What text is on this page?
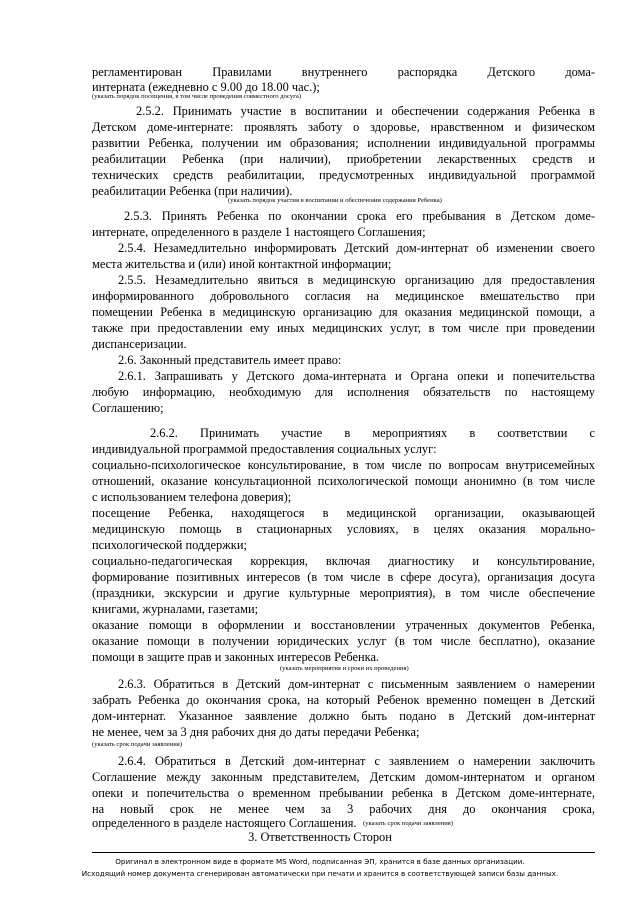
регламентирован Правилами внутреннего распорядка Детского дома-
интерната (ежедневно с 9.00 до 18.00 час.);
(указать порядок посещения, в том числе проведения совместного досуга)
2.5.2. Принимать участие в воспитании и обеспечении содержания Ребенка в
Детском доме-интернате: проявлять заботу о здоровье, нравственном и физическом
развитии Ребенка, получении им образования; исполнении индивидуальной программы
реабилитации Ребенка (при наличии), приобретении лекарственных средств и
технических средств реабилитации, предусмотренных индивидуальной программой
реабилитации Ребенка (при наличии).
(указать порядок участия в воспитании и обеспечении содержания Ребенка)
2.5.3. Принять Ребенка по окончании срока его пребывания в Детском доме-
интернате, определенного в разделе 1 настоящего Соглашения;
2.5.4. Незамедлительно информировать Детский дом-интернат об изменении своего
места жительства и (или) иной контактной информации;
2.5.5. Незамедлительно явиться в медицинскую организацию для предоставления
информированного добровольного согласия на медицинское вмешательство при
помещении Ребенка в медицинскую организацию для оказания медицинской помощи, а
также при предоставлении ему иных медицинских услуг, в том числе при проведении
диспансеризации.
2.6. Законный представитель имеет право:
2.6.1. Запрашивать у Детского дома-интерната и Органа опеки и попечительства
любую информацию, необходимую для исполнения обязательств по настоящему
Соглашению;
2.6.2. Принимать участие в мероприятиях в соответствии с
индивидуальной программой предоставления социальных услуг:
социально-психологическое консультирование, в том числе по вопросам внутрисемейных
отношений, оказание консультационной психологической помощи анонимно (в том числе
с использованием телефона доверия);
посещение Ребенка, находящегося в медицинской организации, оказывающей
медицинскую помощь в стационарных условиях, в целях оказания морально-
психологической поддержки;
социально-педагогическая коррекция, включая диагностику и консультирование,
формирование позитивных интересов (в том числе в сфере досуга), организация досуга
(праздники, экскурсии и другие культурные мероприятия), в том числе обеспечение
книгами, журналами, газетами;
оказание помощи в оформлении и восстановлении утраченных документов Ребенка,
оказание помощи в получении юридических услуг (в том числе бесплатно), оказание
помощи в защите прав и законных интересов Ребенка.
(указать мероприятия и сроки их проведения)
2.6.3. Обратиться в Детский дом-интернат с письменным заявлением о намерении
забрать Ребенка до окончания срока, на который Ребенок временно помещен в Детский
дом-интернат. Указанное заявление должно быть подано в Детский дом-интернат
не менее, чем за 3 дня рабочих дня до даты передачи Ребенка;
(указать срок подачи заявления)
2.6.4. Обратиться в Детский дом-интернат с заявлением о намерении заключить
Соглашение между законным представителем, Детским домом-интернатом и органом
опеки и попечительства о временном пребывании ребенка в Детском доме-интернате,
на новый срок не менее чем за 3 рабочих дня до окончания срока,
определенного в разделе настоящего Соглашения. (указать срок подачи заявления)
3. Ответственность Сторон
Оригинал в электронном виде в формате MS Word, подписанная ЭП, хранится в базе данных организации.
Исходящий номер документа сгенерирован автоматически при печати и хранится в соответствующей записи базы данных.
